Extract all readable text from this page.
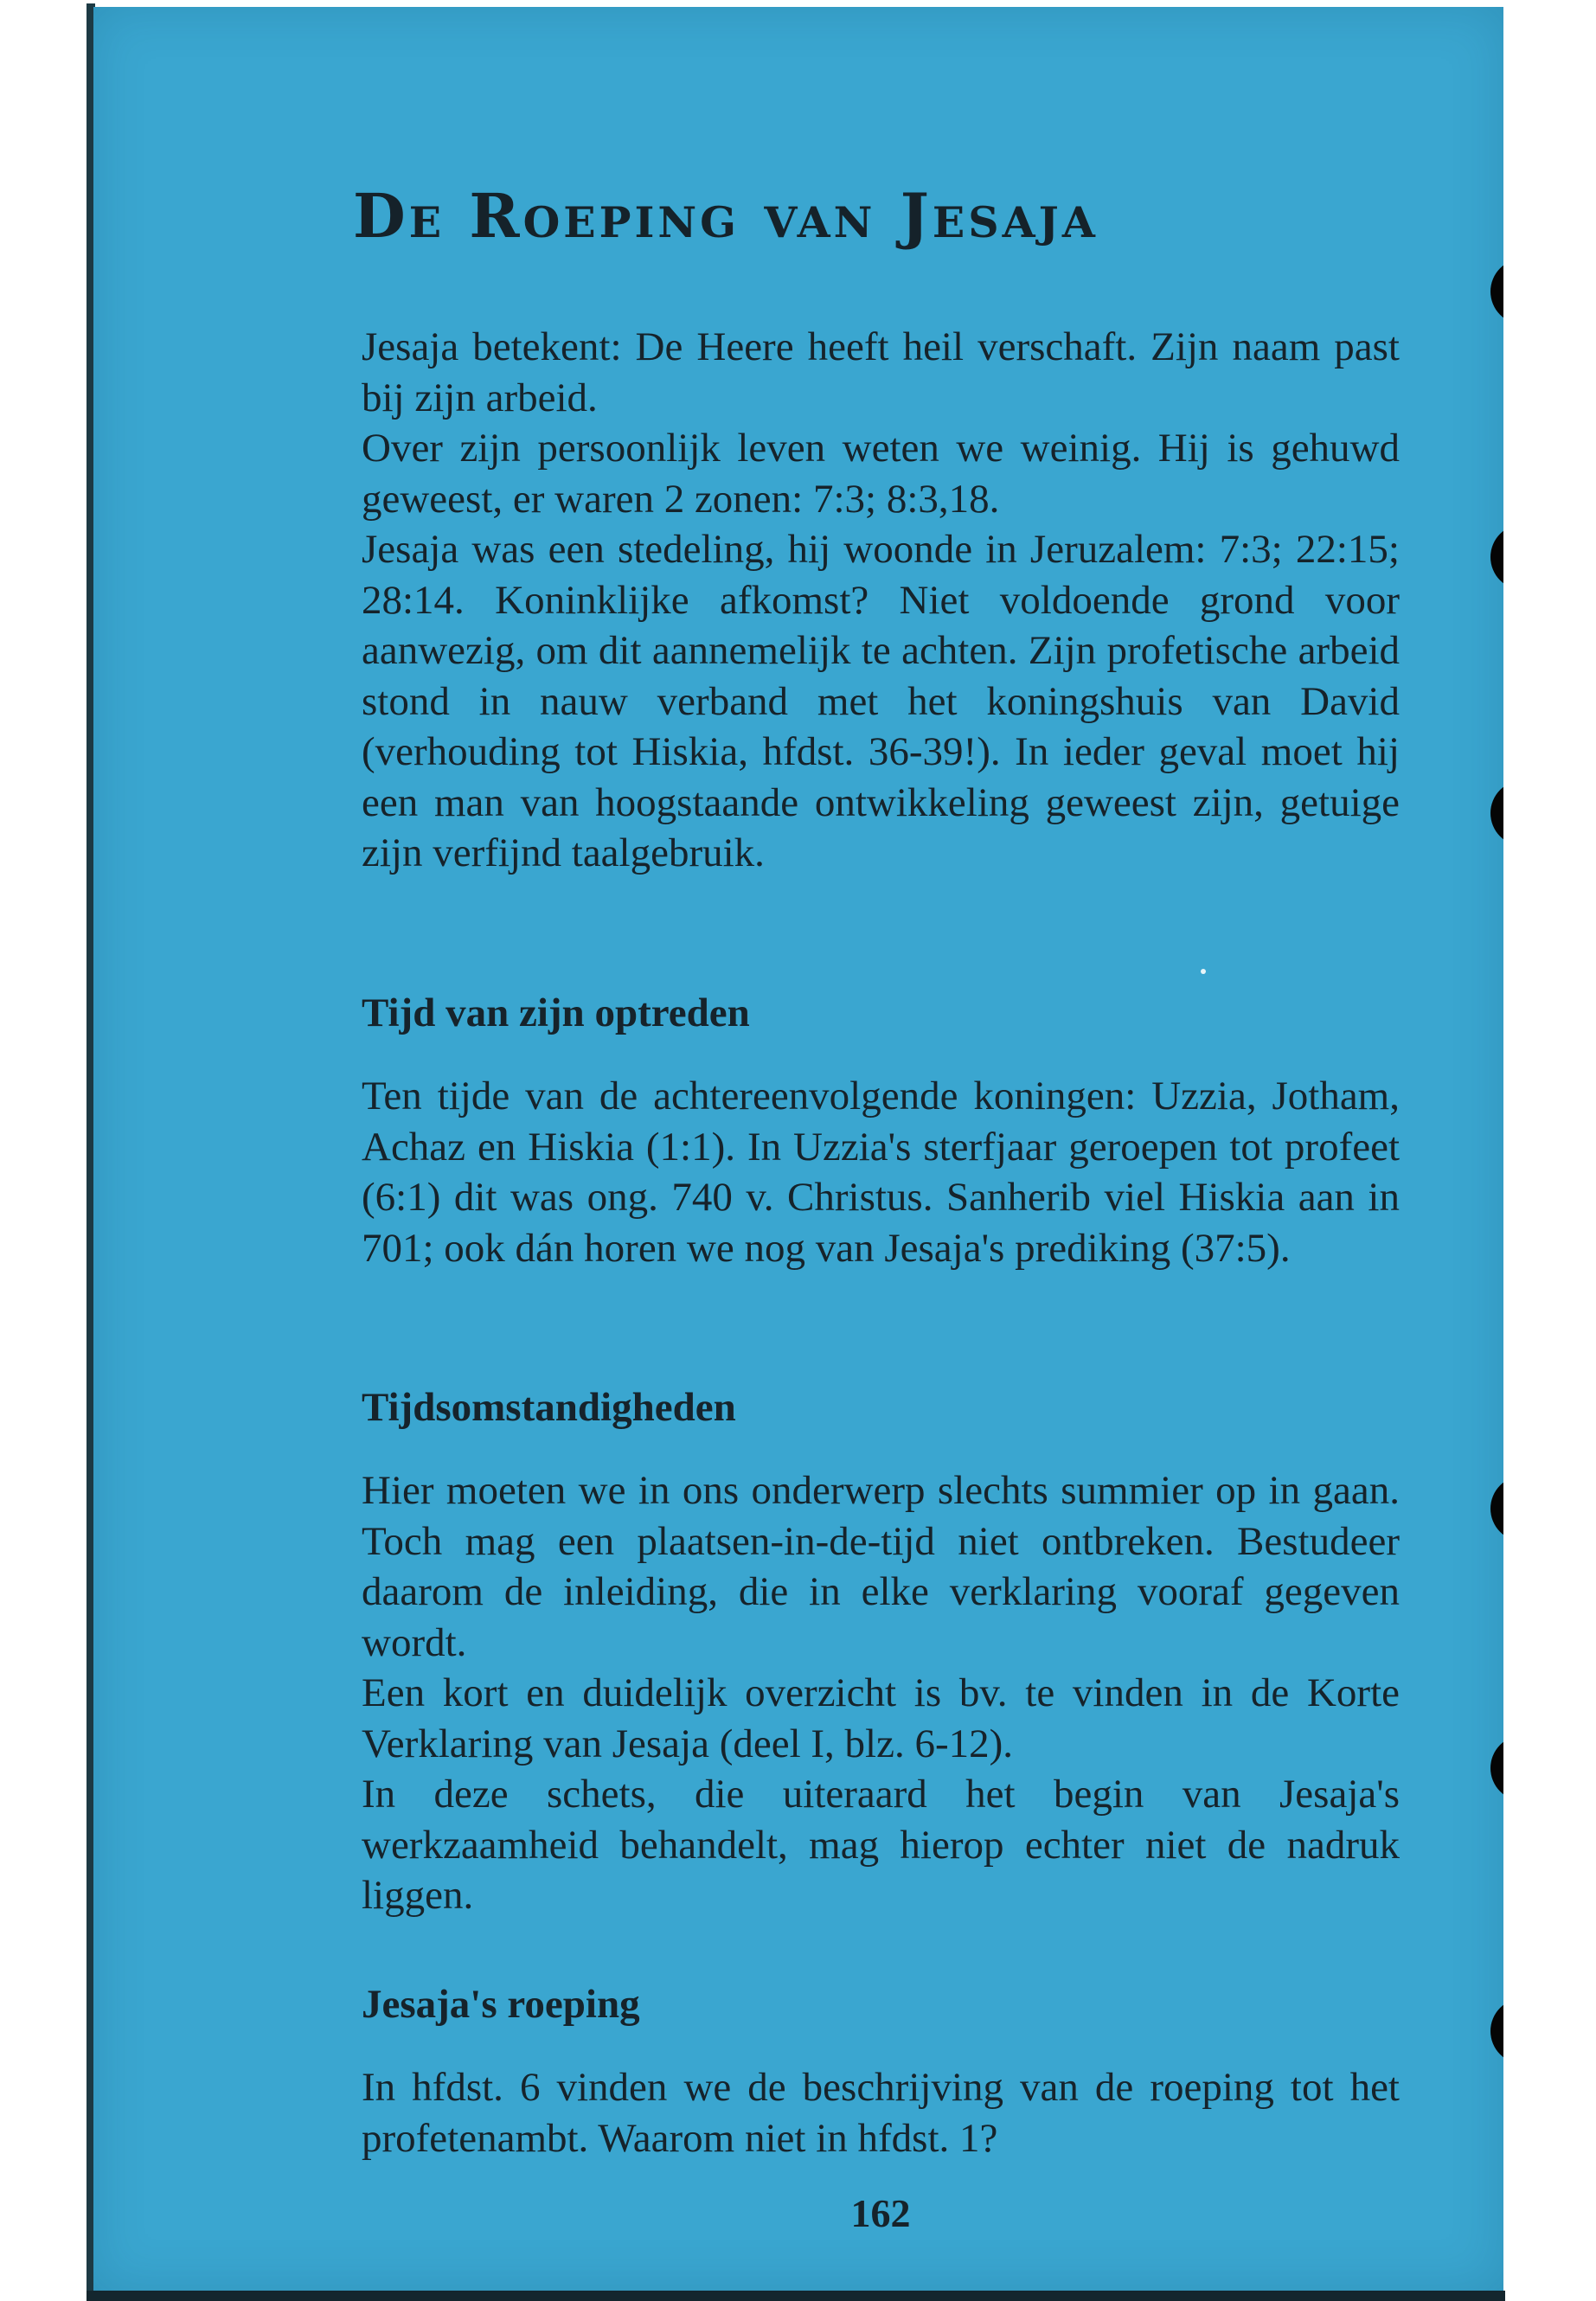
De Roeping van Jesaja

Jesaja betekent: De Heere heeft heil verschaft. Zijn naam past bij zijn arbeid.

Over zijn persoonlijk leven weten we weinig. Hij is gehuwd geweest, er waren 2 zonen: 7:3; 8:3,18.

Jesaja was een stedeling, hij woonde in Jeruzalem: 7:3; 22:15; 28:14. Koninklijke afkomst? Niet voldoende grond voor aanwezig, om dit aannemelijk te achten. Zijn profetische arbeid stond in nauw verband met het koningshuis van David (verhouding tot Hiskia, hfdst. 36-39!). In ieder geval moet hij een man van hoogstaande ontwikkeling geweest zijn, getuige zijn verfijnd taalgebruik.

Tijd van zijn optreden

Ten tijde van de achtereenvolgende koningen: Uzzia, Jotham, Achaz en Hiskia (1:1). In Uzzia's sterfjaar geroepen tot profeet (6:1) dit was ong. 740 v. Christus. Sanherib viel Hiskia aan in 701; ook dán horen we nog van Jesaja's prediking (37:5).

Tijdsomstandigheden

Hier moeten we in ons onderwerp slechts summier op in gaan. Toch mag een plaatsen-in-de-tijd niet ontbreken. Bestudeer daarom de inleiding, die in elke verklaring vooraf gegeven wordt.

Een kort en duidelijk overzicht is bv. te vinden in de Korte Verklaring van Jesaja (deel I, blz. 6-12).

In deze schets, die uiteraard het begin van Jesaja's werkzaamheid behandelt, mag hierop echter niet de nadruk liggen.

Jesaja's roeping

In hfdst. 6 vinden we de beschrijving van de roeping tot het profetenambt. Waarom niet in hfdst. 1?

162
